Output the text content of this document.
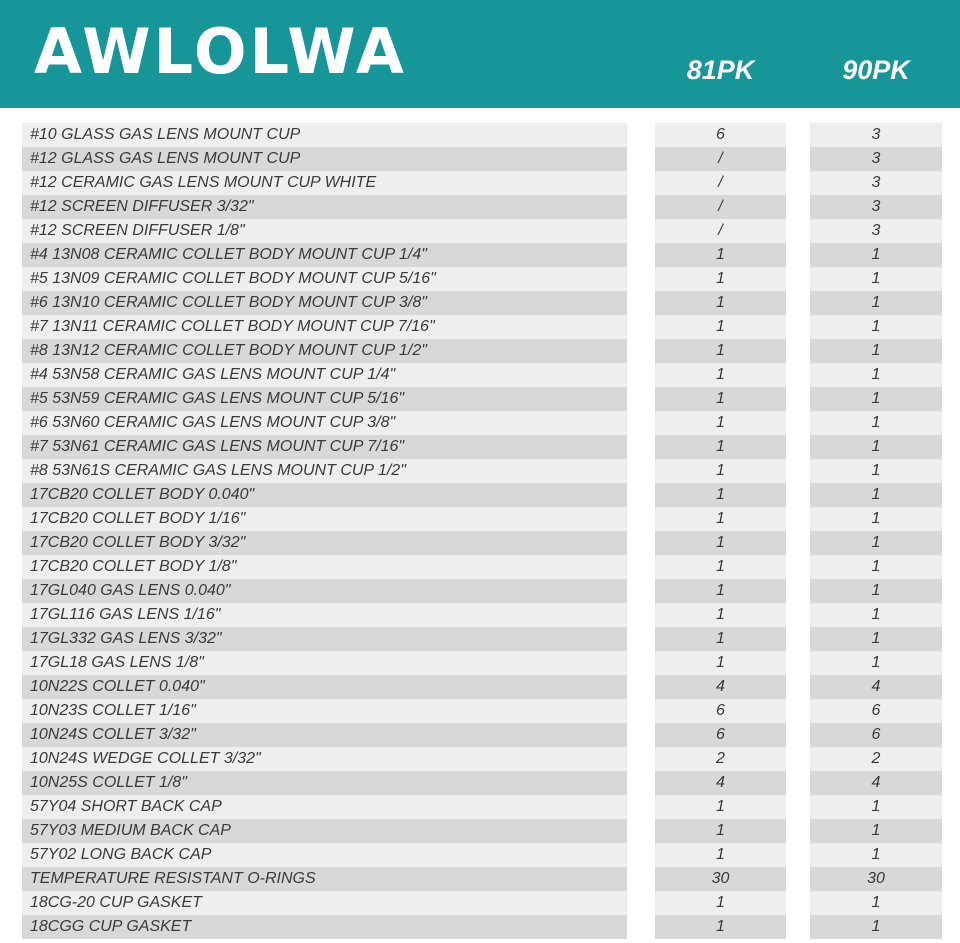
AWLOLWA	81PK	90PK
#10 GLASS GAS LENS MOUNT CUP
#12 GLASS GAS LENS MOUNT CUP
#12 CERAMIC GAS LENS MOUNT CUP WHITE
#12 SCREEN DIFFUSER 3/32"
#12 SCREEN DIFFUSER 1/8"
#4 13N08 CERAMIC COLLET BODY MOUNT CUP 1/4"
#5 13N09 CERAMIC COLLET BODY MOUNT CUP 5/16"
#6 13N10 CERAMIC COLLET BODY MOUNT CUP 3/8"
#7 13N11 CERAMIC COLLET BODY MOUNT CUP 7/16"
#8 13N12 CERAMIC COLLET BODY MOUNT CUP 1/2"
#4 53N58 CERAMIC GAS LENS MOUNT CUP 1/4"
#5 53N59 CERAMIC GAS LENS MOUNT CUP 5/16"
#6 53N60 CERAMIC GAS LENS MOUNT CUP 3/8"
#7 53N61 CERAMIC GAS LENS MOUNT CUP 7/16"
#8 53N61S CERAMIC GAS LENS MOUNT CUP 1/2"
17CB20 COLLET BODY 0.040"
17CB20 COLLET BODY 1/16"
17CB20 COLLET BODY 3/32"
17CB20 COLLET BODY 1/8"
17GL040 GAS LENS 0.040"
17GL116 GAS LENS 1/16"
17GL332 GAS LENS 3/32"
17GL18 GAS LENS 1/8"
10N22S COLLET 0.040"
10N23S COLLET 1/16"
10N24S COLLET 3/32"
10N24S WEDGE COLLET 3/32"
10N25S COLLET 1/8"
57Y04 SHORT BACK CAP
57Y03 MEDIUM BACK CAP
57Y02 LONG BACK CAP
TEMPERATURE RESISTANT O-RINGS
18CG-20 CUP GASKET
18CGG CUP GASKET
6
/
/
/
/
1
1
1
1
1
1
1
1
1
1
1
1
1
1
1
1
1
1
4
6
6
2
4
1
1
1
30
1
1
3
3
3
3
3
1
1
1
1
1
1
1
1
1
1
1
1
1
1
1
1
1
1
4
6
6
2
4
1
1
1
30
1
1
